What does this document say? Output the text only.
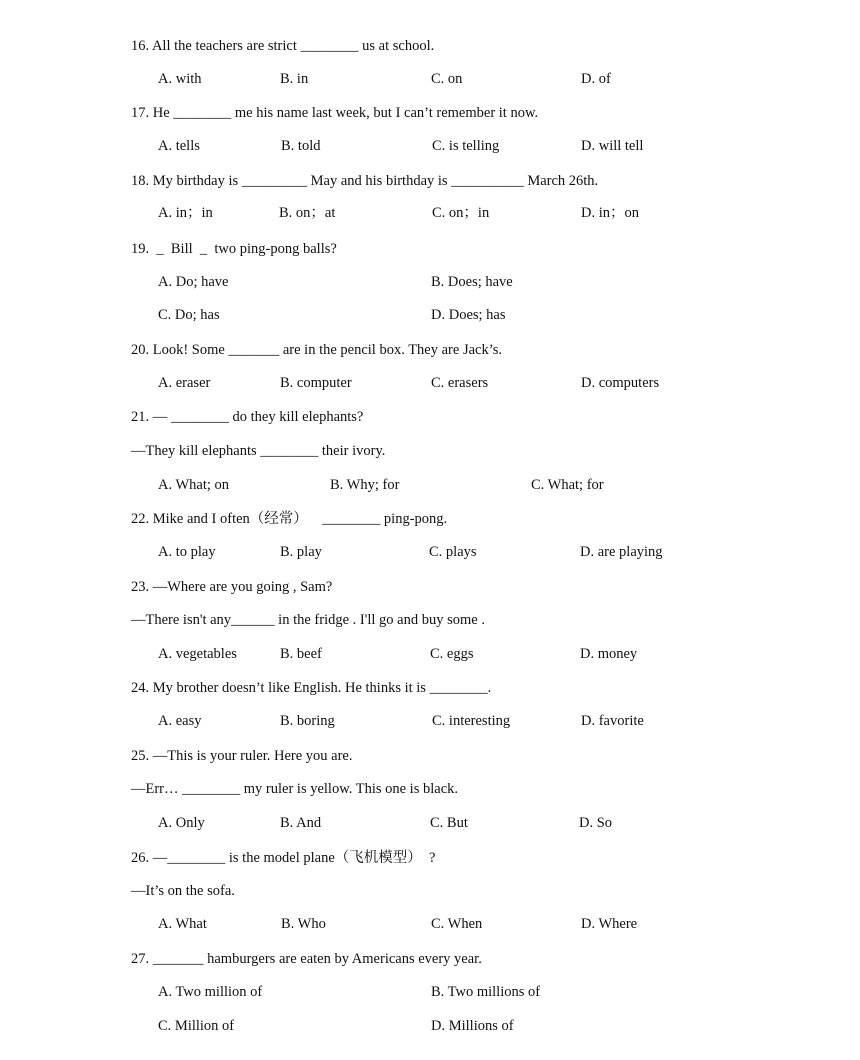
16. All the teachers are strict ________ us at school.
A. with	B. in	C. on	D. of
17. He ________ me his name last week, but I can’t remember it now.
A. tells	B. told	C. is telling	D. will tell
18. My birthday is _________ May and his birthday is __________ March 26th.
A. in；in	B. on；at	C. on；in	D. in；on
19.  _  Bill  _  two ping-pong balls?
A. Do; have	B. Does; have
C. Do; has	D. Does; has
20. Look! Some _______ are in the pencil box. They are Jack’s.
A. eraser	B. computer	C. erasers	D. computers
21. — ________ do they kill elephants?
—They kill elephants ________ their ivory.
A. What; on	B. Why; for	C. What; for
22. Mike and I often（经常）    ________ ping-pong.
A. to play	B. play	C. plays	D. are playing
23. —Where are you going , Sam?
—There isn't any______ in the fridge . I'll go and buy some .
A. vegetables	B. beef	C. eggs	D. money
24. My brother doesn’t like English. He thinks it is ________.
A. easy	B. boring	C. interesting	D. favorite
25. —This is your ruler. Here you are.
—Err… ________ my ruler is yellow. This one is black.
A. Only	B. And	C. But	D. So
26. —________ is the model plane（飞机模型）  ?
—It’s on the sofa.
A. What	B. Who	C. When	D. Where
27. _______ hamburgers are eaten by Americans every year.
A. Two million of	B. Two millions of
C. Million of	D. Millions of
